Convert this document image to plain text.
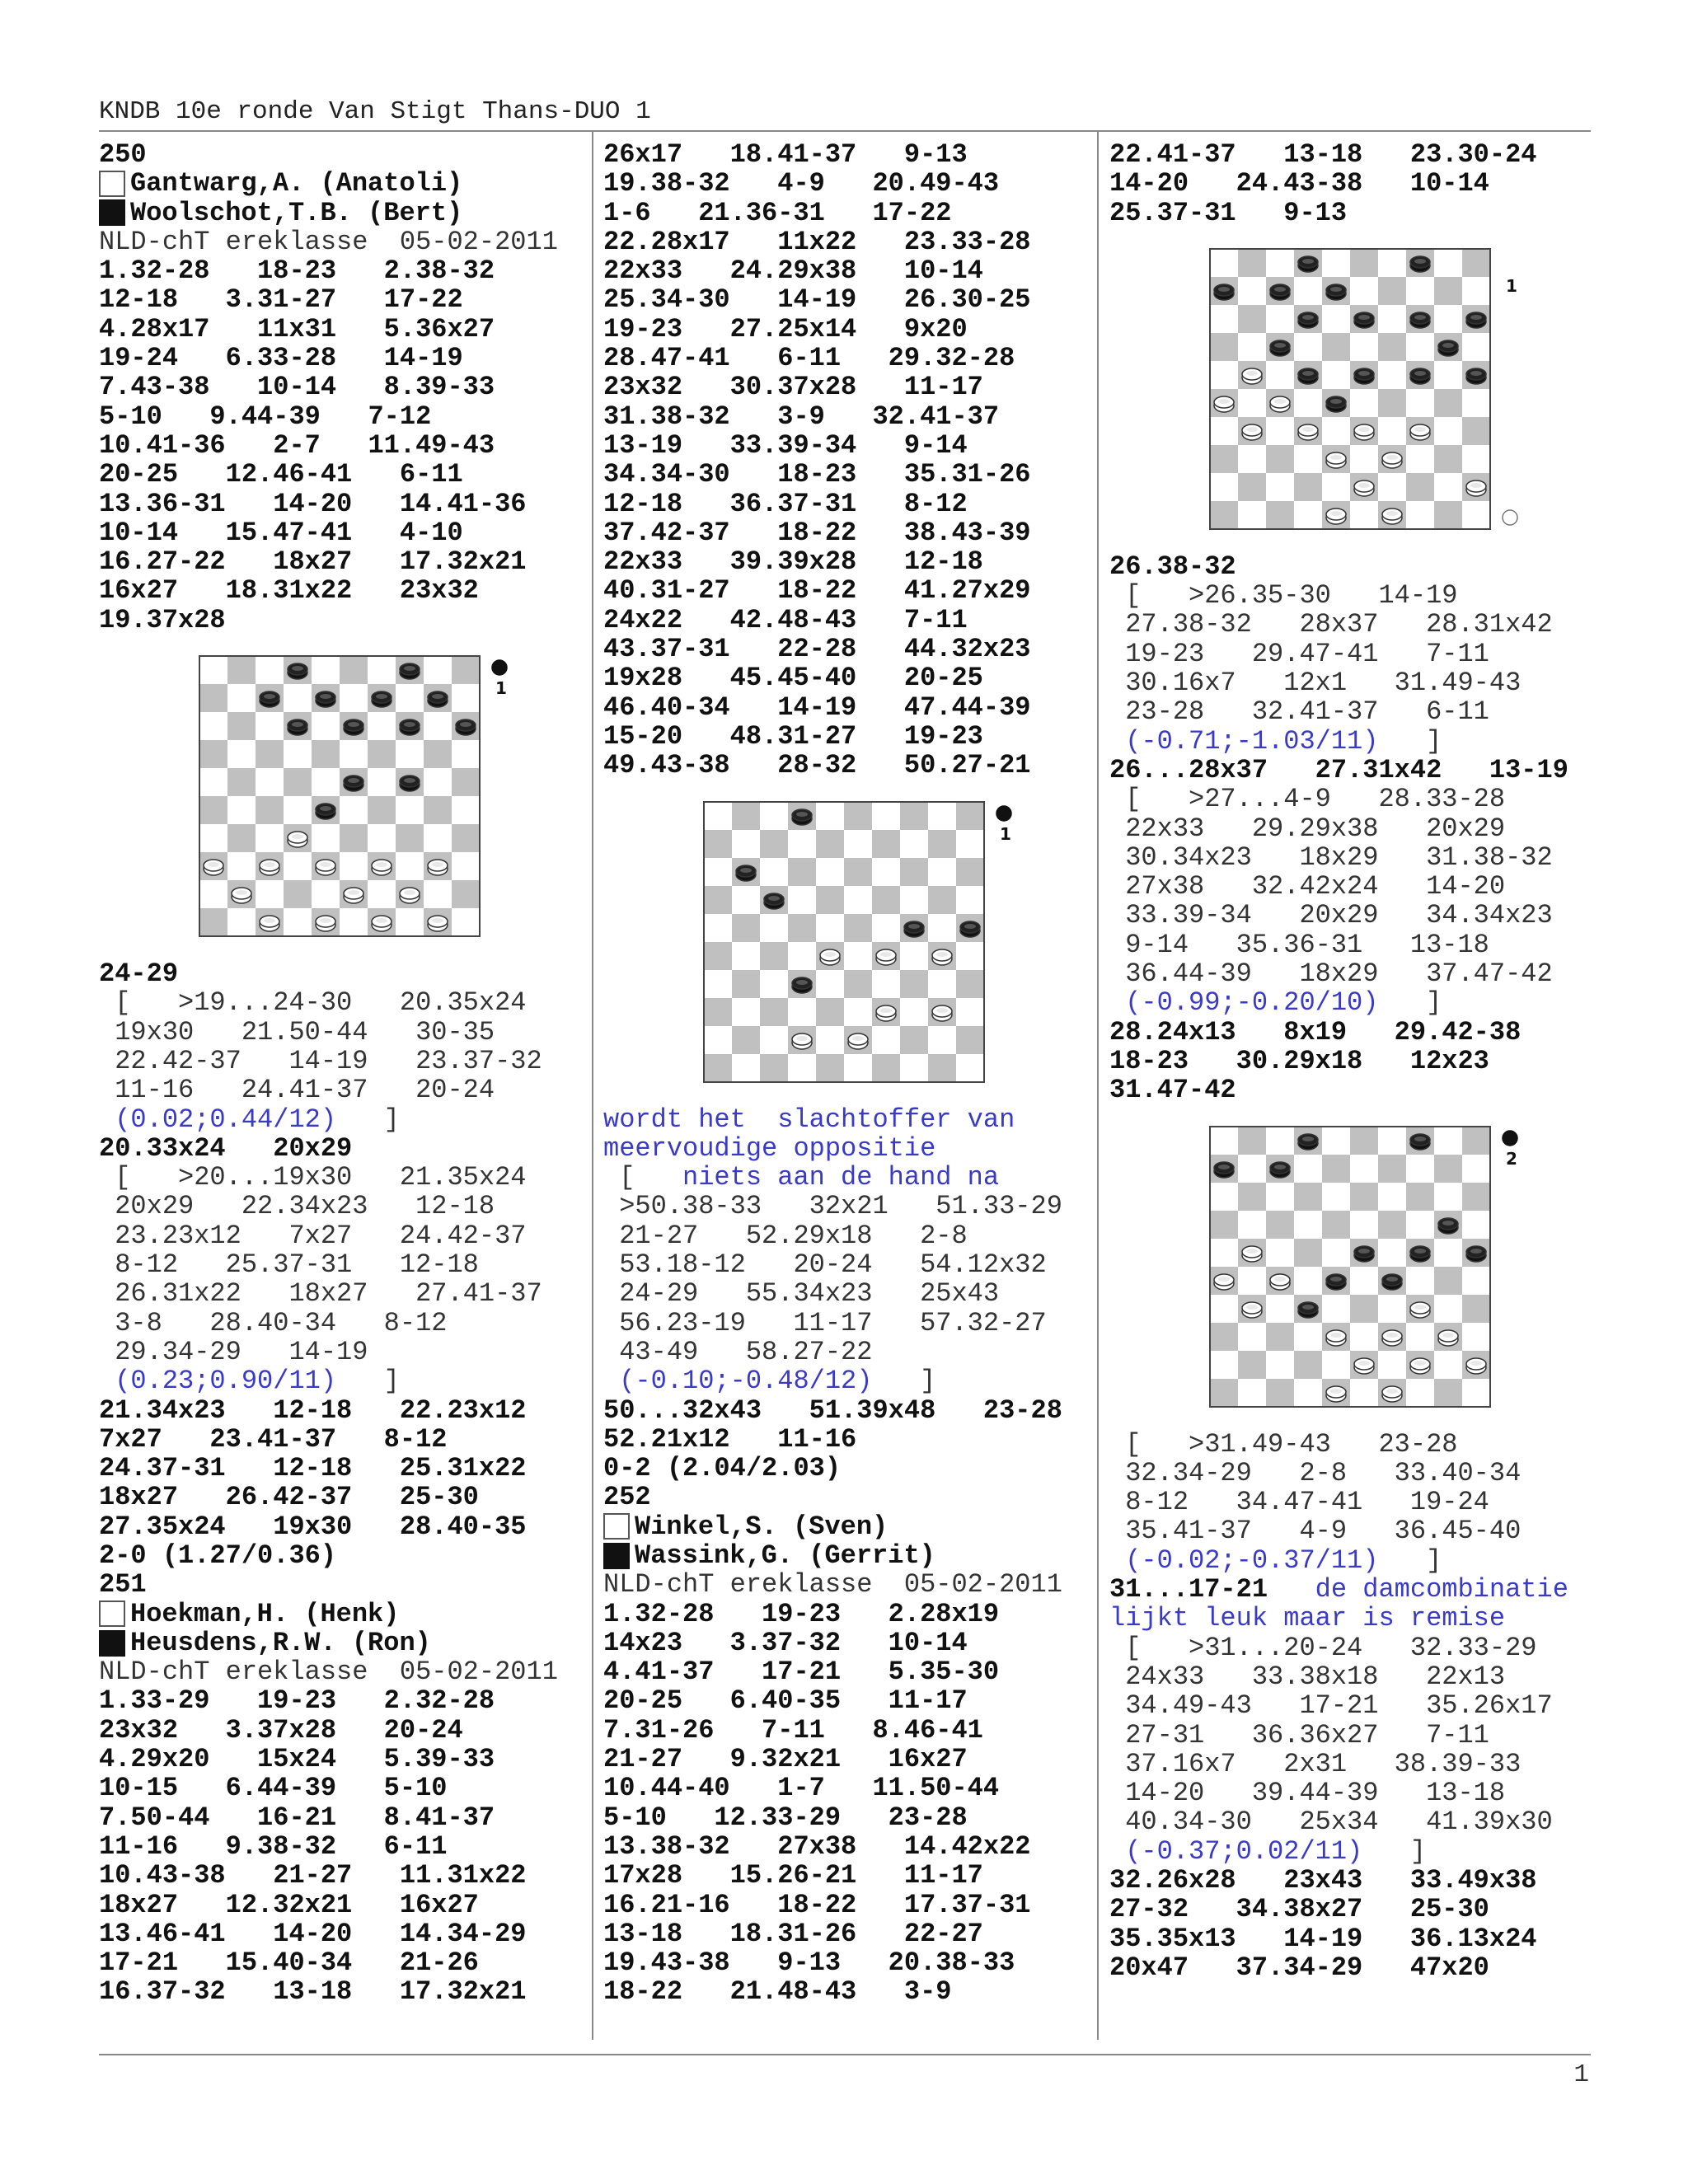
KNDB 10e ronde Van Stigt Thans-DUO 1
250
Gantwarg,A. (Anatoli)
Woolschot,T.B. (Bert)
NLD-chT ereklasse  05-02-2011
1.32-28   18-23   2.38-32
12-18   3.31-27   17-22
4.28x17   11x31   5.36x27
19-24   6.33-28   14-19
7.43-38   10-14   8.39-33
5-10   9.44-39   7-12
10.41-36   2-7   11.49-43
20-25   12.46-41   6-11
13.36-31   14-20   14.41-36
10-14   15.47-41   4-10
16.27-22   18x27   17.32x21
16x27   18.31x22   23x32
19.37x28
1
24-29
[   >19...24-30   20.35x24
19x30   21.50-44   30-35
22.42-37   14-19   23.37-32
11-16   24.41-37   20-24
(0.02;0.44/12)   ]
20.33x24   20x29
[   >20...19x30   21.35x24
20x29   22.34x23   12-18
23.23x12   7x27   24.42-37
8-12   25.37-31   12-18
26.31x22   18x27   27.41-37
3-8   28.40-34   8-12
29.34-29   14-19
(0.23;0.90/11)   ]
21.34x23   12-18   22.23x12
7x27   23.41-37   8-12
24.37-31   12-18   25.31x22
18x27   26.42-37   25-30
27.35x24   19x30   28.40-35
2-0 (1.27/0.36)
251
Hoekman,H. (Henk)
Heusdens,R.W. (Ron)
NLD-chT ereklasse  05-02-2011
1.33-29   19-23   2.32-28
23x32   3.37x28   20-24
4.29x20   15x24   5.39-33
10-15   6.44-39   5-10
7.50-44   16-21   8.41-37
11-16   9.38-32   6-11
10.43-38   21-27   11.31x22
18x27   12.32x21   16x27
13.46-41   14-20   14.34-29
17-21   15.40-34   21-26
16.37-32   13-18   17.32x21
26x17   18.41-37   9-13
19.38-32   4-9   20.49-43
1-6   21.36-31   17-22
22.28x17   11x22   23.33-28
22x33   24.29x38   10-14
25.34-30   14-19   26.30-25
19-23   27.25x14   9x20
28.47-41   6-11   29.32-28
23x32   30.37x28   11-17
31.38-32   3-9   32.41-37
13-19   33.39-34   9-14
34.34-30   18-23   35.31-26
12-18   36.37-31   8-12
37.42-37   18-22   38.43-39
22x33   39.39x28   12-18
40.31-27   18-22   41.27x29
24x22   42.48-43   7-11
43.37-31   22-28   44.32x23
19x28   45.45-40   20-25
46.40-34   14-19   47.44-39
15-20   48.31-27   19-23
49.43-38   28-32   50.27-21
1
wordt het  slachtoffer van
meervoudige oppositie
[   niets aan de hand na
>50.38-33   32x21   51.33-29
21-27   52.29x18   2-8
53.18-12   20-24   54.12x32
24-29   55.34x23   25x43
56.23-19   11-17   57.32-27
43-49   58.27-22
(-0.10;-0.48/12)   ]
50...32x43   51.39x48   23-28
52.21x12   11-16
0-2 (2.04/2.03)
252
Winkel,S. (Sven)
Wassink,G. (Gerrit)
NLD-chT ereklasse  05-02-2011
1.32-28   19-23   2.28x19
14x23   3.37-32   10-14
4.41-37   17-21   5.35-30
20-25   6.40-35   11-17
7.31-26   7-11   8.46-41
21-27   9.32x21   16x27
10.44-40   1-7   11.50-44
5-10   12.33-29   23-28
13.38-32   27x38   14.42x22
17x28   15.26-21   11-17
16.21-16   18-22   17.37-31
13-18   18.31-26   22-27
19.43-38   9-13   20.38-33
18-22   21.48-43   3-9
22.41-37   13-18   23.30-24
14-20   24.43-38   10-14
25.37-31   9-13
1
26.38-32
[   >26.35-30   14-19
27.38-32   28x37   28.31x42
19-23   29.47-41   7-11
30.16x7   12x1   31.49-43
23-28   32.41-37   6-11
(-0.71;-1.03/11)   ]
26...28x37   27.31x42   13-19
[   >27...4-9   28.33-28
22x33   29.29x38   20x29
30.34x23   18x29   31.38-32
27x38   32.42x24   14-20
33.39-34   20x29   34.34x23
9-14   35.36-31   13-18
36.44-39   18x29   37.47-42
(-0.99;-0.20/10)   ]
28.24x13   8x19   29.42-38
18-23   30.29x18   12x23
31.47-42
2
[   >31.49-43   23-28
32.34-29   2-8   33.40-34
8-12   34.47-41   19-24
35.41-37   4-9   36.45-40
(-0.02;-0.37/11)   ]
31...17-21   de damcombinatie
lijkt leuk maar is remise
[   >31...20-24   32.33-29
24x33   33.38x18   22x13
34.49-43   17-21   35.26x17
27-31   36.36x27   7-11
37.16x7   2x31   38.39-33
14-20   39.44-39   13-18
40.34-30   25x34   41.39x30
(-0.37;0.02/11)   ]
32.26x28   23x43   33.49x38
27-32   34.38x27   25-30
35.35x13   14-19   36.13x24
20x47   37.34-29   47x20
1
